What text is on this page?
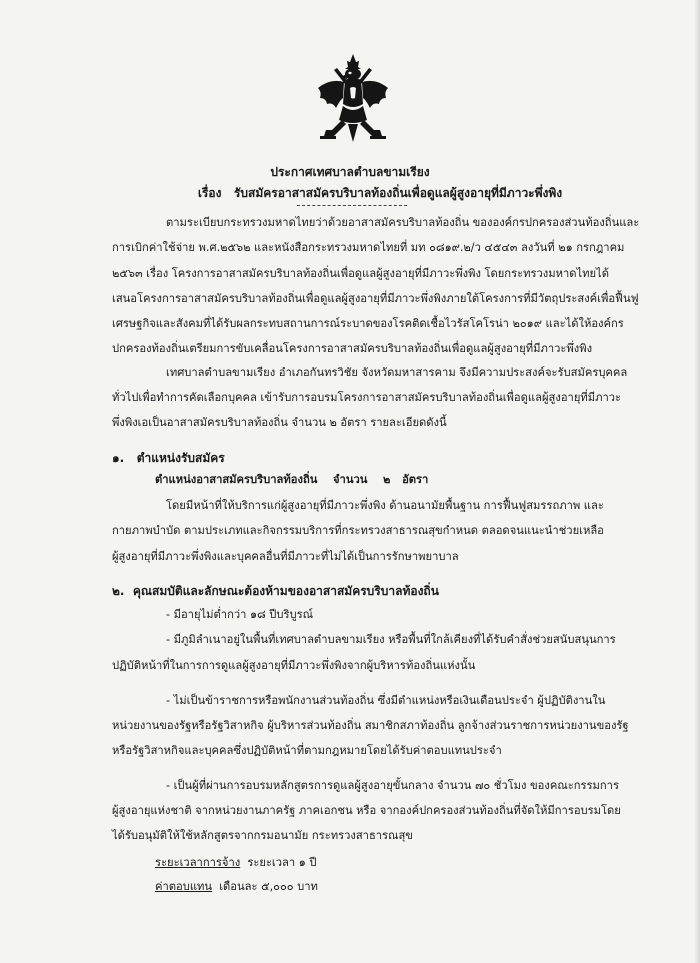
ประกาศเทศบาลตำบลขามเรียง
เรื่อง รับสมัครอาสาสมัครบริบาลท้องถิ่นเพื่อดูแลผู้สูงอายุที่มีภาวะพึ่งพิง
ตามระเบียบกระทรวงมหาดไทยว่าด้วยอาสาสมัครบริบาลท้องถิ่น ขององค์กรปกครองส่วนท้องถิ่นและ
การเบิกค่าใช้จ่าย พ.ศ.๒๕๖๒ และหนังสือกระทรวงมหาดไทยที่ มท ๐๘๑๙.๒/ว ๔๕๔๓ ลงวันที่ ๒๑ กรกฎาคม
๒๕๖๓ เรื่อง โครงการอาสาสมัครบริบาลท้องถิ่นเพื่อดูแลผู้สูงอายุที่มีภาวะพึ่งพิง โดยกระทรวงมหาดไทยได้
เสนอโครงการอาสาสมัครบริบาลท้องถิ่นเพื่อดูแลผู้สูงอายุที่มีภาวะพึ่งพิงภายใต้โครงการที่มีวัตถุประสงค์เพื่อฟื้นฟู
เศรษฐกิจและสังคมที่ได้รับผลกระทบสถานการณ์ระบาดของโรคติดเชื้อไวรัสโคโรน่า ๒๐๑๙ และได้ให้องค์กร
ปกครองท้องถิ่นเตรียมการขับเคลื่อนโครงการอาสาสมัครบริบาลท้องถิ่นเพื่อดูแลผู้สูงอายุที่มีภาวะพึ่งพิง
เทศบาลตำบลขามเรียง อำเภอกันทรวิชัย จังหวัดมหาสารคาม จึงมีความประสงค์จะรับสมัครบุคคล
ทั่วไปเพื่อทำการคัดเลือกบุคคล เข้ารับการอบรมโครงการอาสาสมัครบริบาลท้องถิ่นเพื่อดูแลผู้สูงอายุที่มีภาวะ
พึ่งพิงเอเป็นอาสาสมัครบริบาลท้องถิ่น จำนวน ๒ อัตรา รายละเอียดดังนี้
๑. ตำแหน่งรับสมัคร
ตำแหน่งอาสาสมัครบริบาลท้องถิ่น จำนวน ๒ อัตรา
โดยมีหน้าที่ให้บริการแก่ผู้สูงอายุที่มีภาวะพึ่งพิง ด้านอนามัยพื้นฐาน การฟื้นฟูสมรรถภาพ และ
กายภาพบำบัด ตามประเภทและกิจกรรมบริการที่กระทรวงสาธารณสุขกำหนด ตลอดจนแนะนำช่วยเหลือ
ผู้สูงอายุที่มีภาวะพึ่งพิงและบุคคลอื่นที่มีภาวะที่ไม่ได้เป็นการรักษาพยาบาล
๒. คุณสมบัติและลักษณะต้องห้ามของอาสาสมัครบริบาลท้องถิ่น
- มีอายุไม่ต่ำกว่า ๑๘ ปีบริบูรณ์
- มีภูมิลำเนาอยู่ในพื้นที่เทศบาลตำบลขามเรียง หรือพื้นที่ใกล้เคียงที่ได้รับคำสั่งช่วยสนับสนุนการ
ปฏิบัติหน้าที่ในการการดูแลผู้สูงอายุที่มีภาวะพึ่งพิงจากผู้บริหารท้องถิ่นแห่งนั้น
- ไม่เป็นข้าราชการหรือพนักงานส่วนท้องถิ่น ซึ่งมีตำแหน่งหรือเงินเดือนประจำ ผู้ปฏิบัติงานใน
หน่วยงานของรัฐหรือรัฐวิสาหกิจ ผู้บริหารส่วนท้องถิ่น สมาชิกสภาท้องถิ่น ลูกจ้างส่วนราชการหน่วยงานของรัฐ
หรือรัฐวิสาหกิจและบุคคลซึ่งปฏิบัติหน้าที่ตามกฎหมายโดยได้รับค่าตอบแทนประจำ
- เป็นผู้ที่ผ่านการอบรมหลักสูตรการดูแลผู้สูงอายุขั้นกลาง จำนวน ๗๐ ชั่วโมง ของคณะกรรมการ
ผู้สูงอายุแห่งชาติ จากหน่วยงานภาครัฐ ภาคเอกชน หรือ จากองค์ปกครองส่วนท้องถิ่นที่จัดให้มีการอบรมโดย
ได้รับอนุมัติให้ใช้หลักสูตรจากกรมอนามัย กระทรวงสาธารณสุข
ระยะเวลาการจ้าง ระยะเวลา ๑ ปี
ค่าตอบแทน เดือนละ ๕,๐๐๐ บาท
